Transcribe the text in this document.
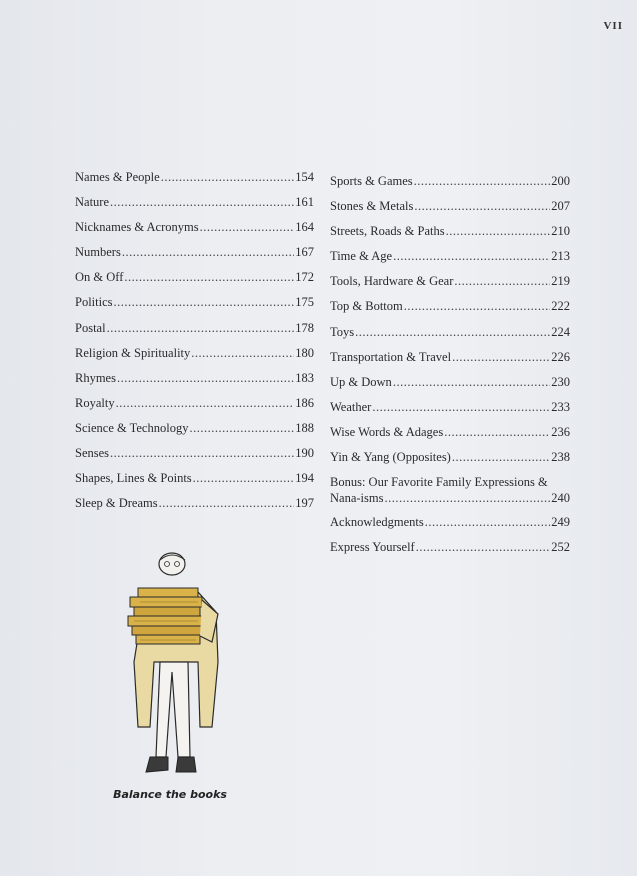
VII
Names & People .....	154
Nature .....	161
Nicknames & Acronyms .....	164
Numbers .....	167
On & Off .....	172
Politics .....	175
Postal .....	178
Religion & Spirituality .....	180
Rhymes .....	183
Royalty .....	186
Science & Technology .....	188
Senses .....	190
Shapes, Lines & Points .....	194
Sleep & Dreams .....	197
Sports & Games .....	200
Stones & Metals .....	207
Streets, Roads & Paths .....	210
Time & Age .....	213
Tools, Hardware & Gear .....	219
Top & Bottom .....	222
Toys .....	224
Transportation & Travel .....	226
Up & Down .....	230
Weather .....	233
Wise Words & Adages .....	236
Yin & Yang (Opposites) .....	238
Bonus: Our Favorite Family Expressions &
Nana-isms .....	240
Acknowledgments .....	249
Express Yourself .....	252
Balance the books
